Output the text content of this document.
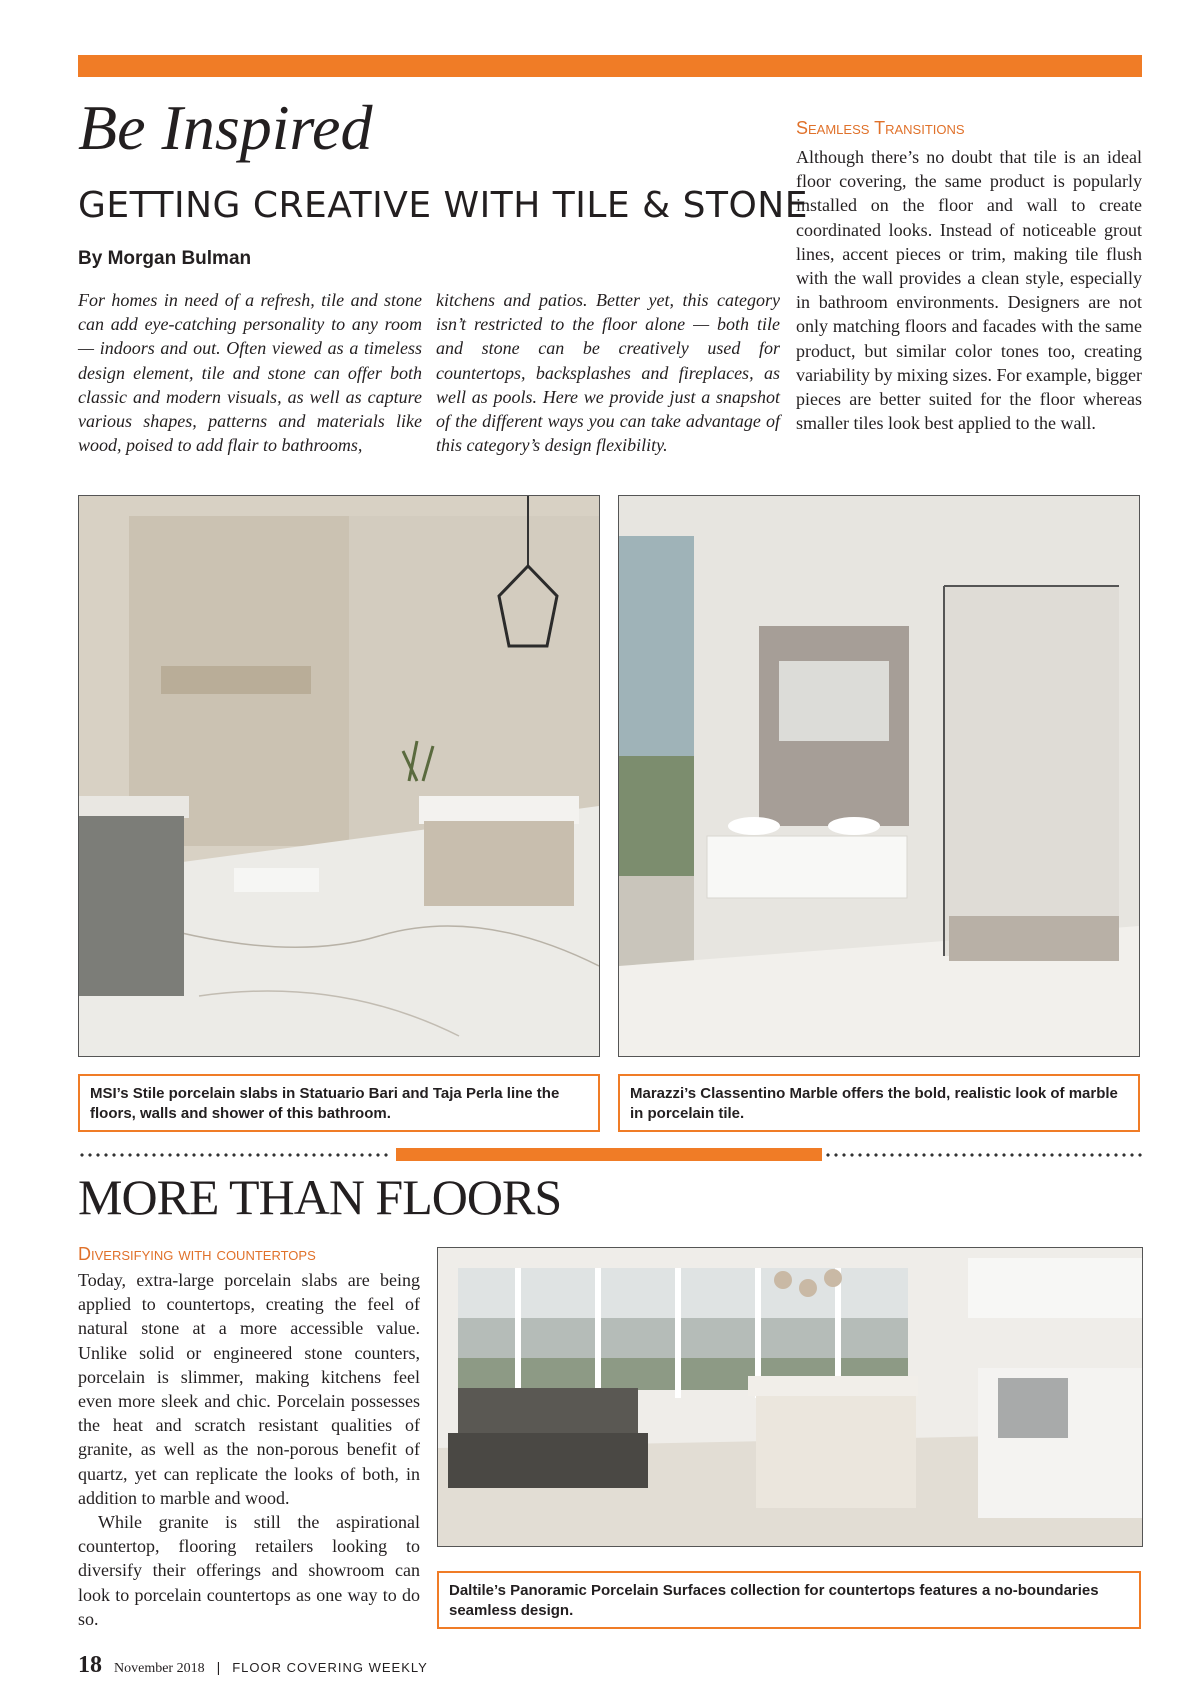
Be Inspired
GETTING CREATIVE WITH TILE & STONE
By Morgan Bulman
For homes in need of a refresh, tile and stone can add eye-catching personality to any room — indoors and out. Often viewed as a timeless design element, tile and stone can offer both classic and modern visuals, as well as capture various shapes, patterns and materials like wood, poised to add flair to bathrooms,
kitchens and patios. Better yet, this category isn’t restricted to the floor alone — both tile and stone can be creatively used for countertops, backsplashes and fireplaces, as well as pools. Here we provide just a snapshot of the different ways you can take advantage of this category’s design flexibility.
Seamless Transitions
Although there’s no doubt that tile is an ideal floor covering, the same product is popularly installed on the floor and wall to create coordinated looks. Instead of noticeable grout lines, accent pieces or trim, making tile flush with the wall provides a clean style, especially in bathroom environments. Designers are not only matching floors and facades with the same product, but similar color tones too, creating variability by mixing sizes. For example, bigger pieces are better suited for the floor whereas smaller tiles look best applied to the wall.
MSI’s Stile porcelain slabs in Statuario Bari and Taja Perla line the floors, walls and shower of this bathroom.
Marazzi’s Classentino Marble offers the bold, realistic look of marble in porcelain tile.
MORE THAN FLOORS
Diversifying with countertops

Today, extra-large porcelain slabs are being applied to countertops, creating the feel of natural stone at a more accessible value. Unlike solid or engineered stone counters, porcelain is slimmer, making kitchens feel even more sleek and chic. Porcelain possesses the heat and scratch resistant qualities of granite, as well as the non-porous benefit of quartz, yet can replicate the looks of both, in addition to marble and wood.

While granite is still the aspirational countertop, flooring retailers looking to diversify their offerings and showroom can look to porcelain countertops as one way to do so.

Daltile’s Panoramic Porcelain Surfaces collection for countertops features a no-boundaries seamless design.
18 November 2018 | FLOOR COVERING WEEKLY
